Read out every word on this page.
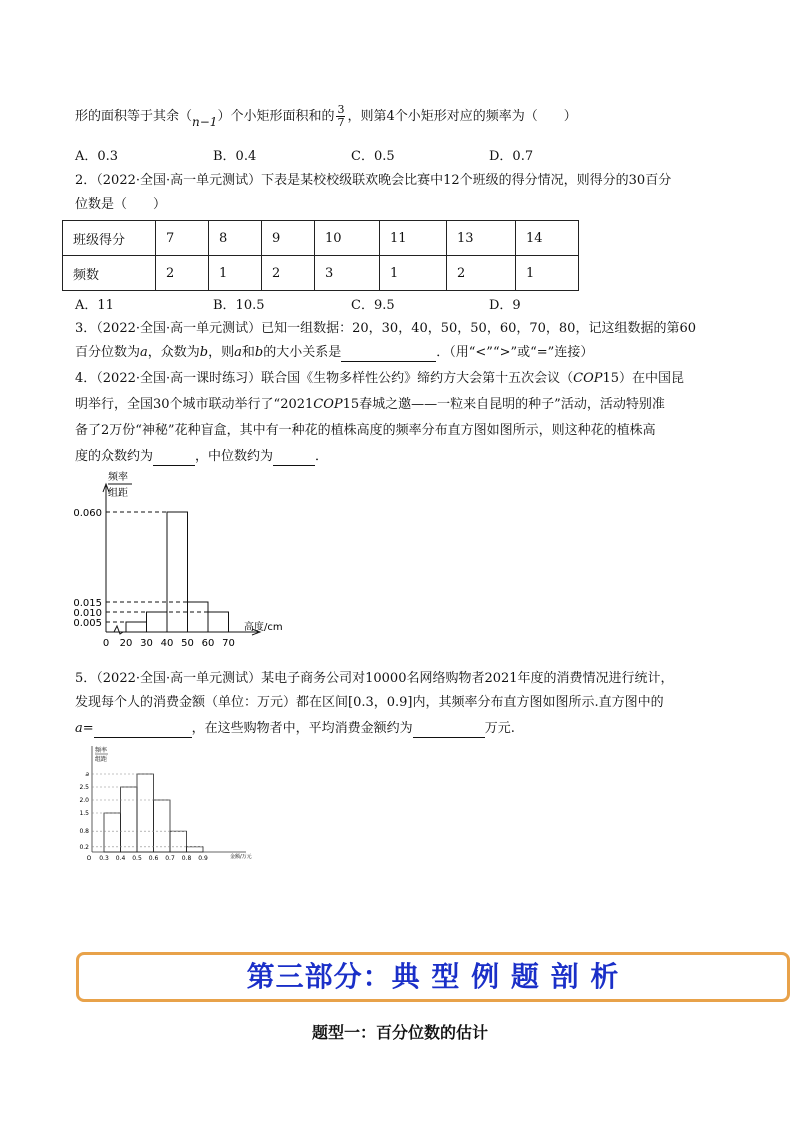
形的面积等于其余（n−1）个小矩形面积和的 $\frac{3}{7}$ ，则第4个小矩形对应的频率为（　　）
A．0.3	B．0.4	C．0.5	D．0.7
2．（2022·全国·高一单元测试）下表是某校校级联欢晚会比赛中12个班级的得分情况，则得分的30百分
位数是（　　）
班级得分	7	8	9	10	11	13	14
频数	2	1	2	3	1	2	1
A．11	B．10.5	C．9.5	D．9
3．（2022·全国·高一单元测试）已知一组数据：20，30，40，50，50，60，70，80，记这组数据的第60
百分位数为a，众数为b，则a和b的大小关系是	．（用“<”“>”或“=”连接）
4．（2022·全国·高一课时练习）联合国《生物多样性公约》缔约方大会第十五次会议（COP15）在中国昆
明举行，全国30个城市联动举行了“2021COP15春城之邀——一粒来自昆明的种子”活动，活动特别准
备了2万份“神秘”花种盲盒，其中有一种花的植株高度的频率分布直方图如图所示，则这种花的植株高
度的众数约为	，中位数约为	．
频率
组距
0.060
0.015
0.010
0.005
0 20 30 40 50 60 70
高度/cm
5．（2022·全国·高一单元测试）某电子商务公司对10000名网络购物者2021年度的消费情况进行统计，
发现每个人的消费金额（单位：万元）都在区间[0.3，0.9]内，其频率分布直方图如图所示.直方图中的
a=	，在这些购物者中，平均消费金额约为	万元.
频率
组距
a
2.5
2.0
1.5
0.8
0.2
O 0.3 0.4 0.5 0.6 0.7 0.8 0.9	金额/万元
第三部分：典 型 例 题 剖 析
题型一：百分位数的估计
